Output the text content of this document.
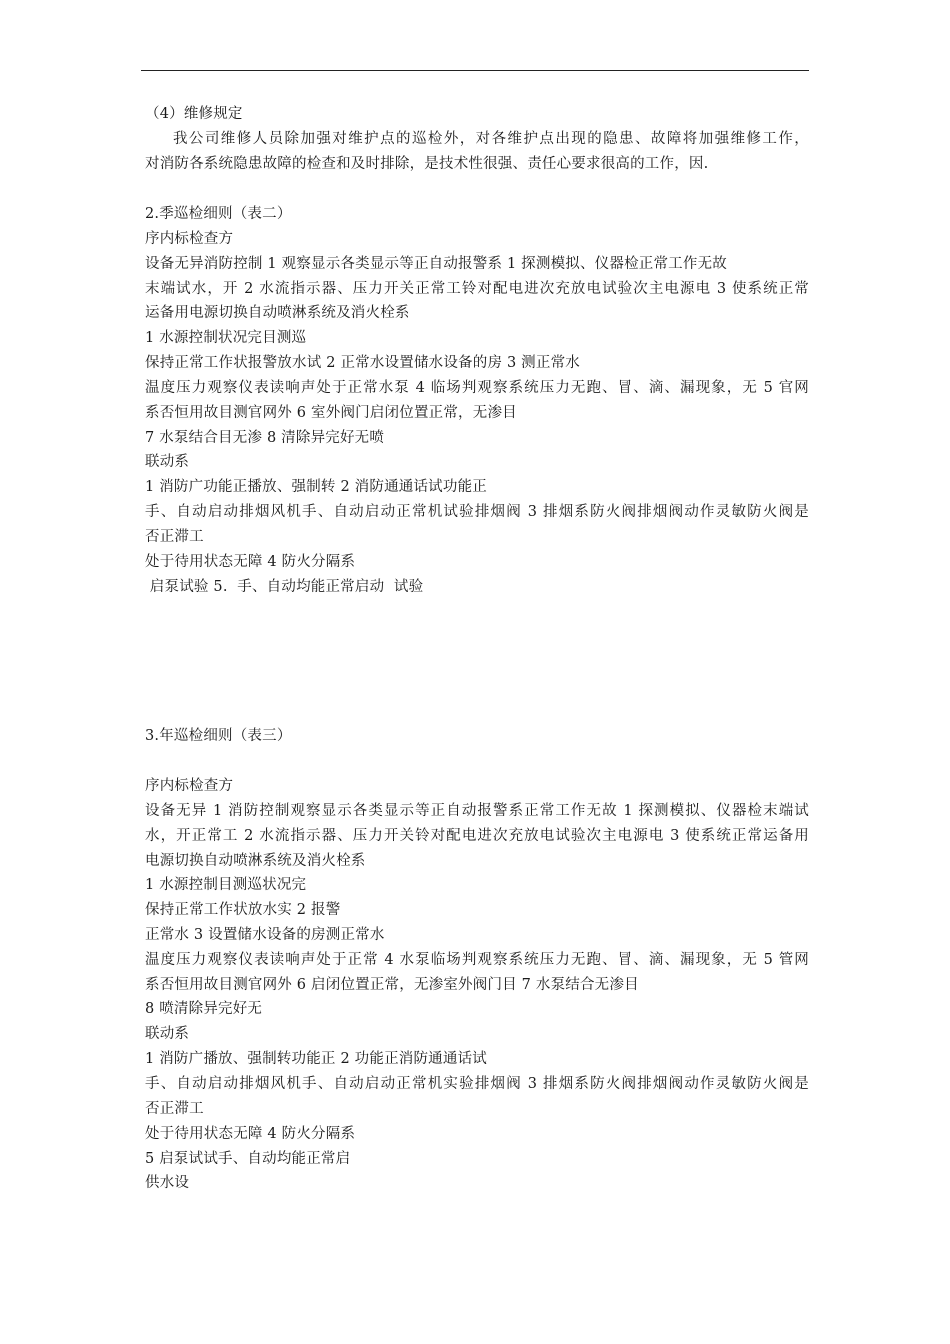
（4）维修规定
我公司维修人员除加强对维护点的巡检外，对各维护点出现的隐患、故障将加强维修工作，
对消防各系统隐患故障的检查和及时排除，是技术性很强、责任心要求很高的工作，因.
2.季巡检细则（表二）
序内标检查方
设备无异消防控制 1 观察显示各类显示等正自动报警系 1 探测模拟、仪器检正常工作无故
末端试水，开 2 水流指示器、压力开关正常工铃对配电进次充放电试验次主电源电 3 使系统正常
运备用电源切换自动喷淋系统及消火栓系
1 水源控制状况完目测巡
保持正常工作状报警放水试 2 正常水设置储水设备的房 3 测正常水
温度压力观察仪表读响声处于正常水泵 4 临场判观察系统压力无跑、冒、滴、漏现象，无 5 官网
系否恒用故目测官网外 6 室外阀门启闭位置正常，无渗目
7 水泵结合目无渗 8 清除异完好无喷
联动系
1 消防广功能正播放、强制转 2 消防通通话试功能正
手、自动启动排烟风机手、自动启动正常机试验排烟阀 3 排烟系防火阀排烟阀动作灵敏防火阀是
否正滞工
处于待用状态无障 4 防火分隔系
启泵试验 5.  手、自动均能正常启动  试验
3.年巡检细则（表三）
序内标检查方
设备无异 1 消防控制观察显示各类显示等正自动报警系正常工作无故 1 探测模拟、仪器检末端试
水，开正常工 2 水流指示器、压力开关铃对配电进次充放电试验次主电源电 3 使系统正常运备用
电源切换自动喷淋系统及消火栓系
1 水源控制目测巡状况完
保持正常工作状放水实 2 报警
正常水 3 设置储水设备的房测正常水
温度压力观察仪表读响声处于正常 4 水泵临场判观察系统压力无跑、冒、滴、漏现象，无 5 管网
系否恒用故目测官网外 6 启闭位置正常，无渗室外阀门目 7 水泵结合无渗目
8 喷清除异完好无
联动系
1 消防广播放、强制转功能正 2 功能正消防通通话试
手、自动启动排烟风机手、自动启动正常机实验排烟阀 3 排烟系防火阀排烟阀动作灵敏防火阀是
否正滞工
处于待用状态无障 4 防火分隔系
5 启泵试试手、自动均能正常启
供水设
